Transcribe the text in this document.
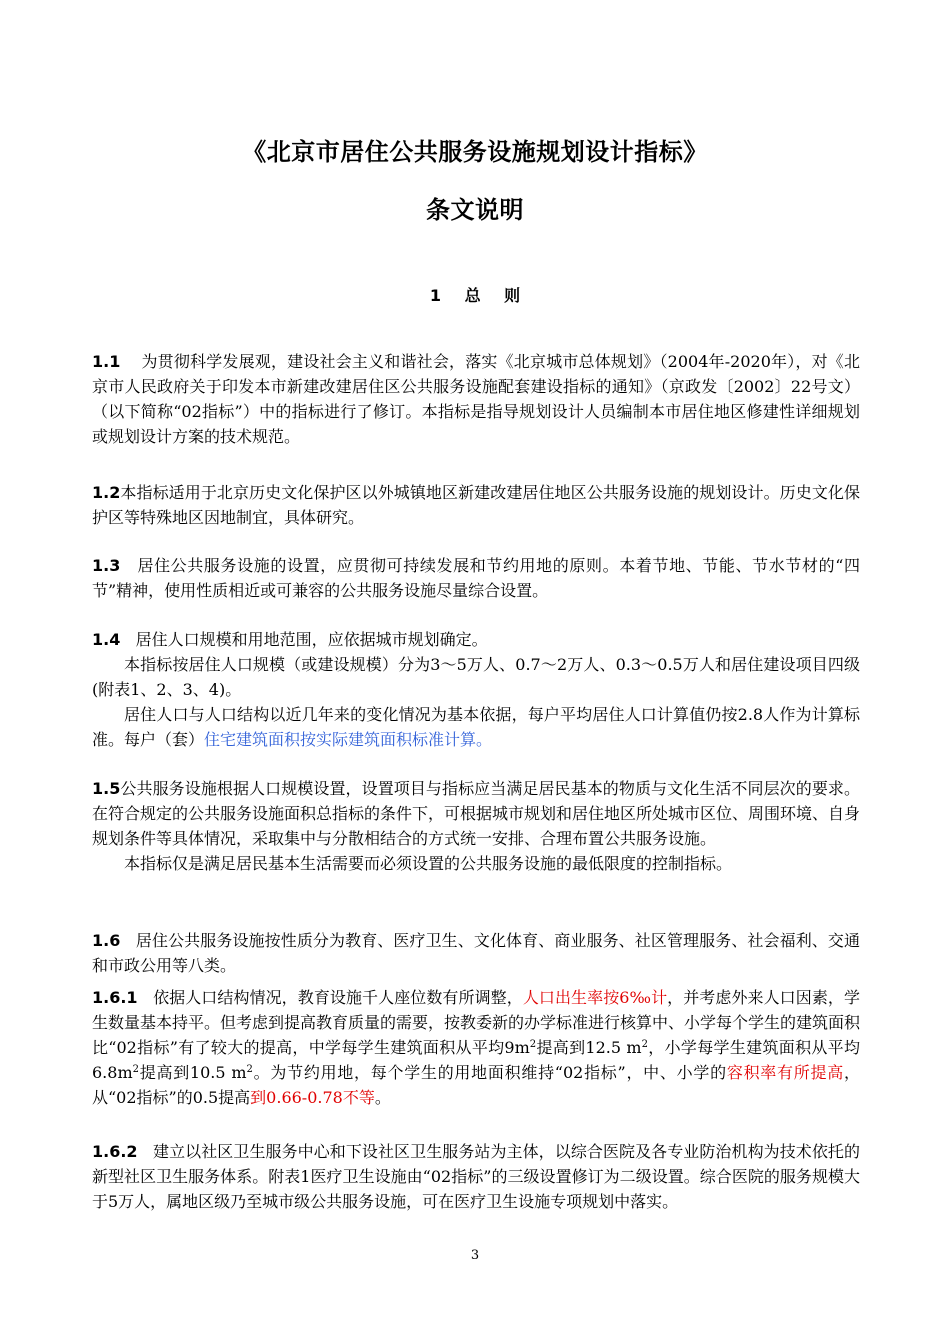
《北京市居住公共服务设施规划设计指标》
条文说明
1 总 则
1.1 为贯彻科学发展观，建设社会主义和谐社会，落实《北京城市总体规划》（2004年-2020年），对《北京市人民政府关于印发本市新建改建居住区公共服务设施配套建设指标的通知》（京政发〔2002〕22号文）（以下简称“02指标”）中的指标进行了修订。本指标是指导规划设计人员编制本市居住地区修建性详细规划或规划设计方案的技术规范。
1.2本指标适用于北京历史文化保护区以外城镇地区新建改建居住地区公共服务设施的规划设计。历史文化保护区等特殊地区因地制宜，具体研究。
1.3 居住公共服务设施的设置，应贯彻可持续发展和节约用地的原则。本着节地、节能、节水节材的“四节”精神，使用性质相近或可兼容的公共服务设施尽量综合设置。
1.4 居住人口规模和用地范围，应依据城市规划确定。
本指标按居住人口规模（或建设规模）分为3～5万人、0.7～2万人、0.3～0.5万人和居住建设项目四级(附表1、2、3、4)。
居住人口与人口结构以近几年来的变化情况为基本依据，每户平均居住人口计算值仍按2.8人作为计算标准。每户（套）住宅建筑面积按实际建筑面积标准计算。
1.5公共服务设施根据人口规模设置，设置项目与指标应当满足居民基本的物质与文化生活不同层次的要求。在符合规定的公共服务设施面积总指标的条件下，可根据城市规划和居住地区所处城市区位、周围环境、自身规划条件等具体情况，采取集中与分散相结合的方式统一安排、合理布置公共服务设施。
本指标仅是满足居民基本生活需要而必须设置的公共服务设施的最低限度的控制指标。
1.6 居住公共服务设施按性质分为教育、医疗卫生、文化体育、商业服务、社区管理服务、社会福利、交通和市政公用等八类。
1.6.1 依据人口结构情况，教育设施千人座位数有所调整，人口出生率按6‰计，并考虑外来人口因素，学生数量基本持平。但考虑到提高教育质量的需要，按教委新的办学标准进行核算中、小学每个学生的建筑面积比“02指标”有了较大的提高，中学每学生建筑面积从平均$9m^2$提高到12.5 $m^2$，小学每学生建筑面积从平均$6.8m^2$提高到10.5 $m^2$。为节约用地，每个学生的用地面积维持“02指标”，中、小学的容积率有所提高，从“02指标”的0.5提高到0.66-0.78不等。
1.6.2 建立以社区卫生服务中心和下设社区卫生服务站为主体，以综合医院及各专业防治机构为技术依托的新型社区卫生服务体系。附表1医疗卫生设施由“02指标”的三级设置修订为二级设置。综合医院的服务规模大于5万人，属地区级乃至城市级公共服务设施，可在医疗卫生设施专项规划中落实。
3
